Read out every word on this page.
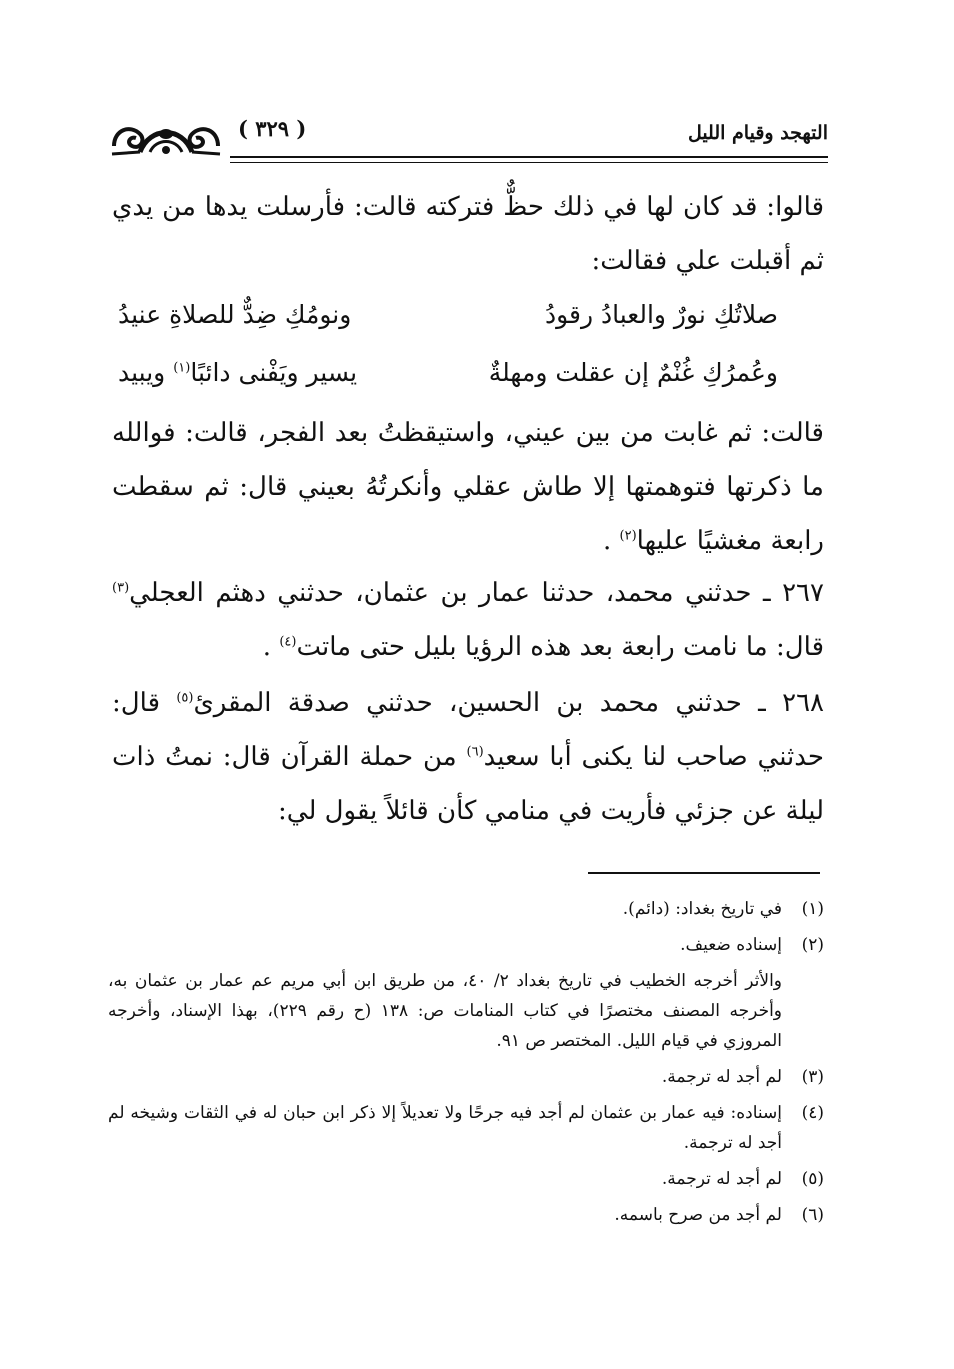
التهجد وقيام الليل
( ٣٢٩ )

قالوا: قد كان لها في ذلك حظٌّ فتركته قالت: فأرسلت يدها من يدي ثم أقبلت علي فقالت:

صلاتُكِ نورٌ والعبادُ رقودُ
ونومُكِ ضِدٌّ للصلاةِ عنيدُ
وعُمرُكِ غُنْمٌ إن عقلت ومهلةٌ
يسير ويَفْنى دائبًا$^{(١)}$ ويبيد

قالت: ثم غابت من بين عيني، واستيقظتُ بعد الفجر، قالت: فوالله ما ذكرتها فتوهمتها إلا طاش عقلي وأنكرتُهُ بعيني قال: ثم سقطت رابعة مغشيًا عليها$^{(٢)}$ .

٢٦٧ ـ حدثني محمد، حدثنا عمار بن عثمان، حدثني دهثم العجلي$^{(٣)}$ قال: ما نامت رابعة بعد هذه الرؤيا بليل حتى ماتت$^{(٤)}$ .

٢٦٨ ـ حدثني محمد بن الحسين، حدثني صدقة المقرئ$^{(٥)}$ قال: حدثني صاحب لنا يكنى أبا سعيد$^{(٦)}$ من حملة القرآن قال: نمتُ ذات ليلة عن جزئي فأريت في منامي كأن قائلاً يقول لي:

(١)
في تاريخ بغداد: (دائم).
(٢)
إسناده ضعيف.
والأثر أخرجه الخطيب في تاريخ بغداد ٢/ ٤٠، من طريق ابن أبي مريم عم عمار بن عثمان به، وأخرجه المصنف مختصرًا في كتاب المنامات ص: ١٣٨ (ح رقم ٢٢٩)، بهذا الإسناد، وأخرجه المروزي في قيام الليل. المختصر ص ٩١.
(٣)
لم أجد له ترجمة.
(٤)
إسناده: فيه عمار بن عثمان لم أجد فيه جرحًا ولا تعديلاً إلا ذكر ابن حبان له في الثقات وشيخه لم أجد له ترجمة.
(٥)
لم أجد له ترجمة.
(٦)
لم أجد من صرح باسمه.
